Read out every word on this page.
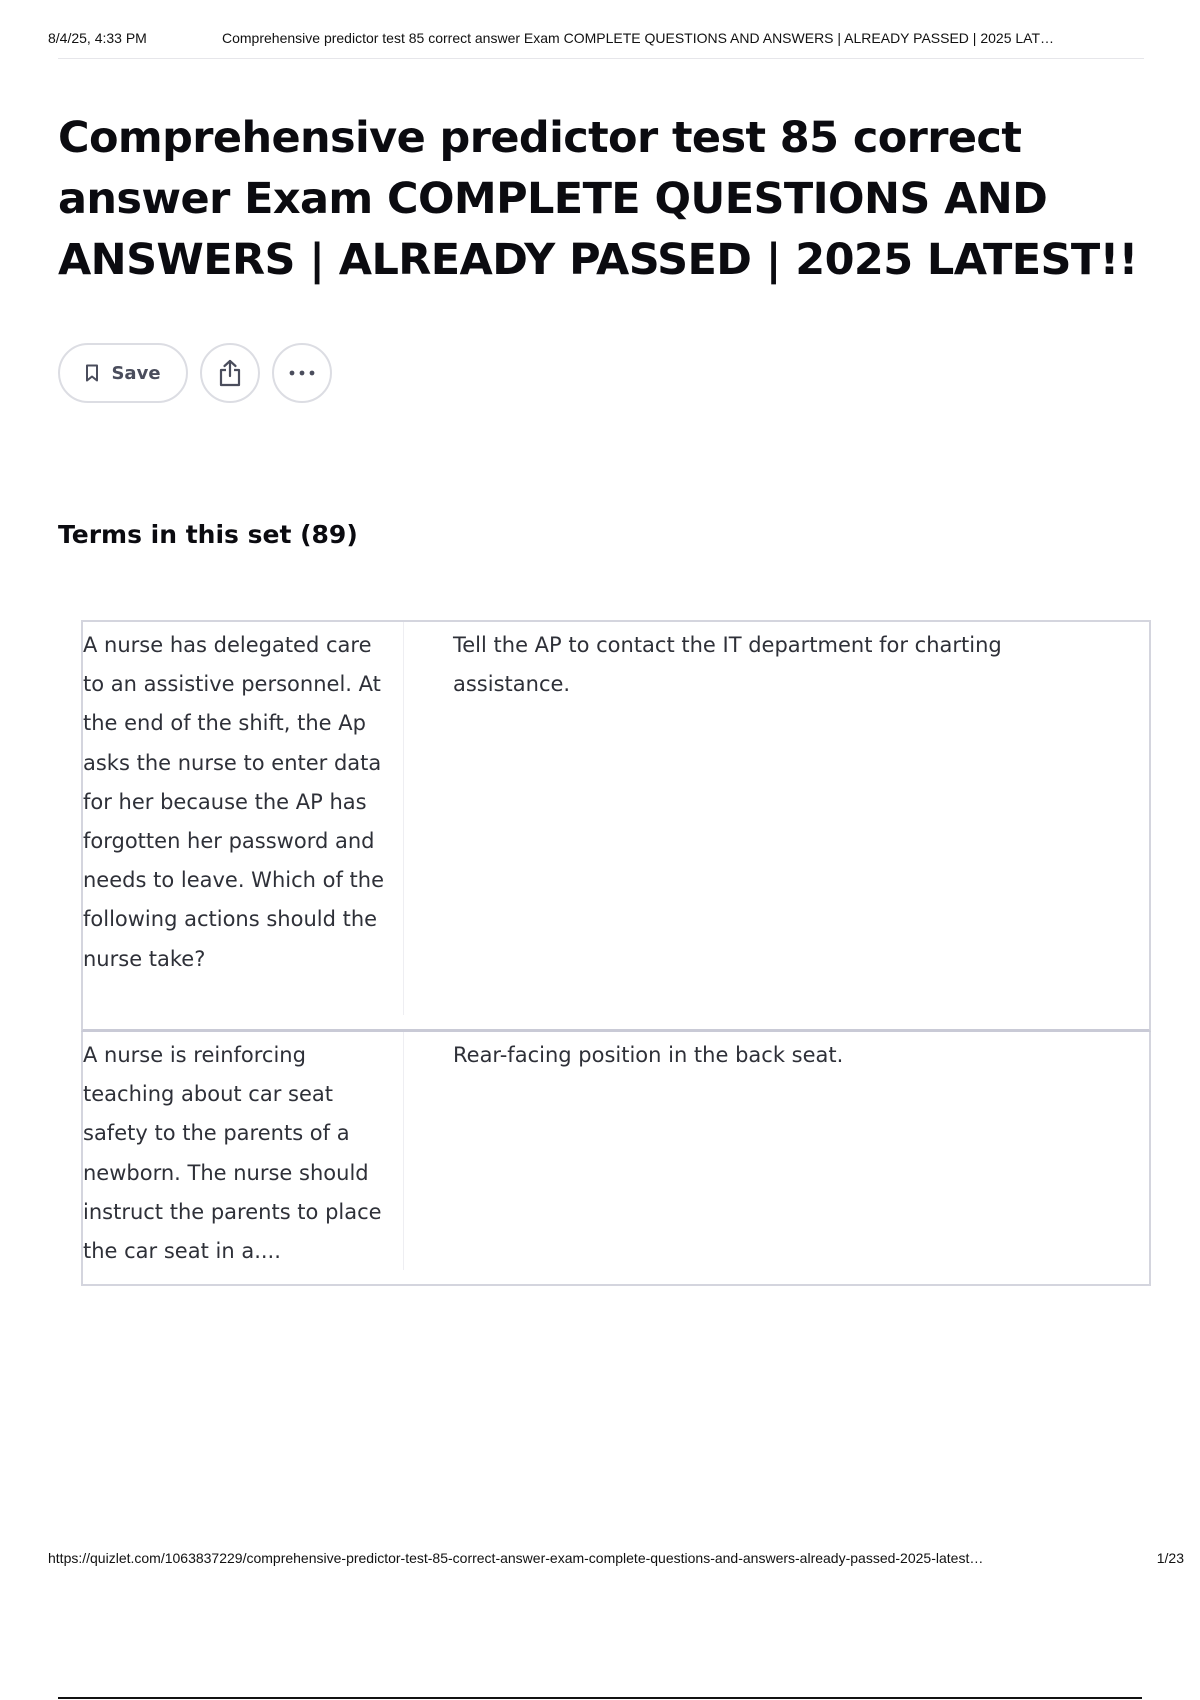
8/4/25, 4:33 PM	Comprehensive predictor test 85 correct answer Exam COMPLETE QUESTIONS AND ANSWERS | ALREADY PASSED | 2025 LAT…
Comprehensive predictor test 85 correct answer Exam COMPLETE QUESTIONS AND ANSWERS | ALREADY PASSED | 2025 LATEST!!
Save
Terms in this set (89)
A nurse has delegated care to an assistive personnel. At the end of the shift, the Ap asks the nurse to enter data for her because the AP has forgotten her password and needs to leave. Which of the following actions should the nurse take?
Tell the AP to contact the IT department for charting assistance.
A nurse is reinforcing teaching about car seat safety to the parents of a newborn. The nurse should instruct the parents to place the car seat in a....
Rear-facing position in the back seat.
https://quizlet.com/1063837229/comprehensive-predictor-test-85-correct-answer-exam-complete-questions-and-answers-already-passed-2025-latest…	1/23
